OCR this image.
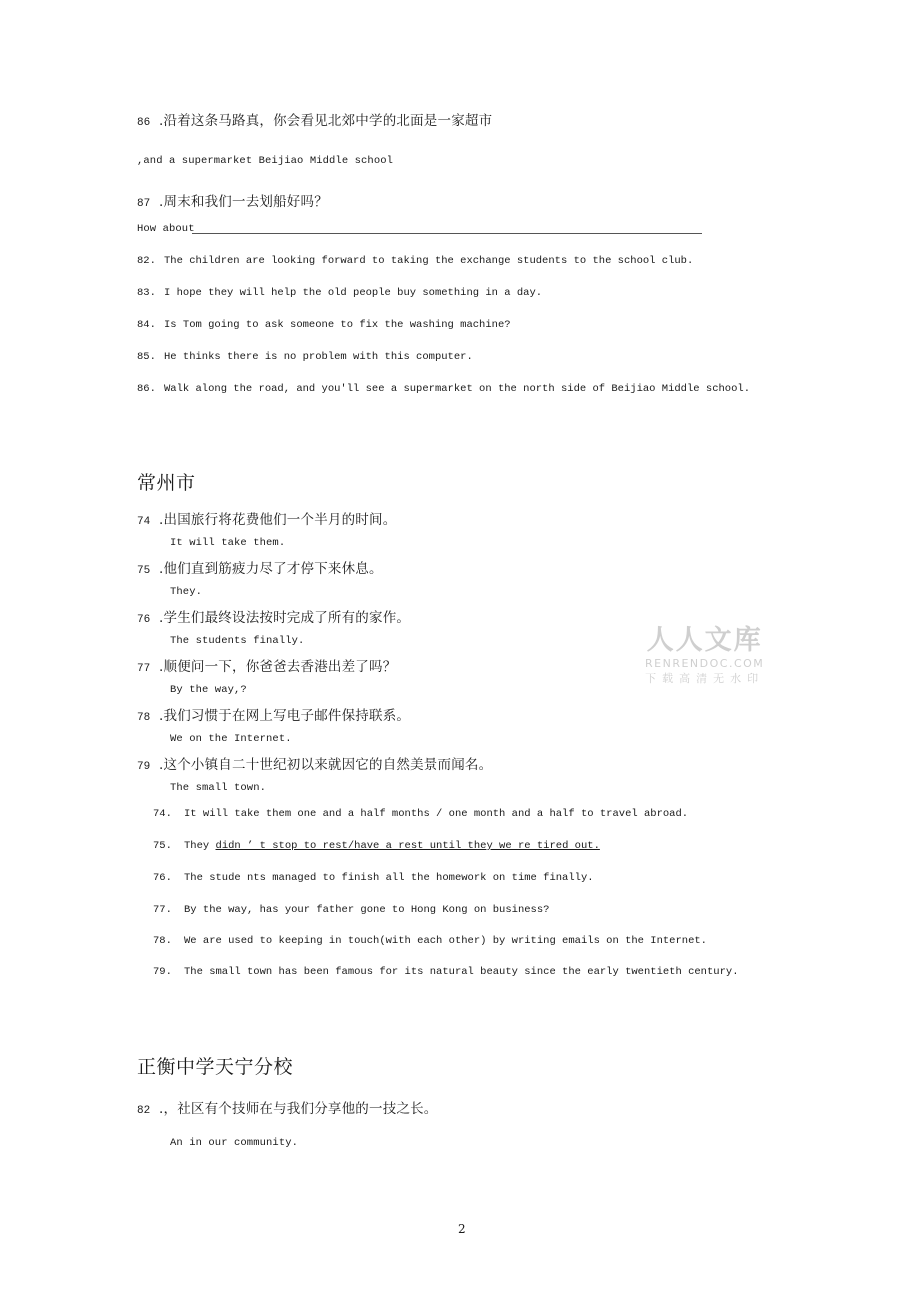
86 .沿着这条马路真，你会看见北郊中学的北面是一家超市
,and a supermarket Beijiao Middle school
87 .周末和我们一去划船好吗？
How about
82. The children are looking forward to taking the exchange students to the school club.
83. I hope they will help the old people buy something in a day.
84. Is Tom going to ask someone to fix the washing machine?
85. He thinks there is no problem with this computer.
86. Walk along the road, and you'll see a supermarket on the north side of Beijiao Middle school.
常州市
74 .出国旅行将花费他们一个半月的时间。
It will take them.
75 .他们直到筋疲力尽了才停下来休息。
They.
76 .学生们最终设法按时完成了所有的家作。
The students finally.
77 .顺便问一下，你爸爸去香港出差了吗？
By the way,?
78 .我们习惯于在网上写电子邮件保持联系。
We on the Internet.
79 .这个小镇自二十世纪初以来就因它的自然美景而闻名。
The small town.
74.	It will take them one and a half months / one month and a half to travel abroad.
75.	They didn ’ t stop to rest/have a rest until they we re tired out.
76.	The stude nts managed to finish all the homework on time finally.
77.	By the way, has your father gone to Hong Kong on business?
78.	We are used to keeping in touch(with each other) by writing emails on the Internet.
79.	The small town has been famous for its natural beauty since the early twentieth century.
正衡中学天宁分校
82 .，社区有个技师在与我们分享他的一技之长。
An in our community.
人人文库
RENRENDOC.COM
下载高清无水印
2
